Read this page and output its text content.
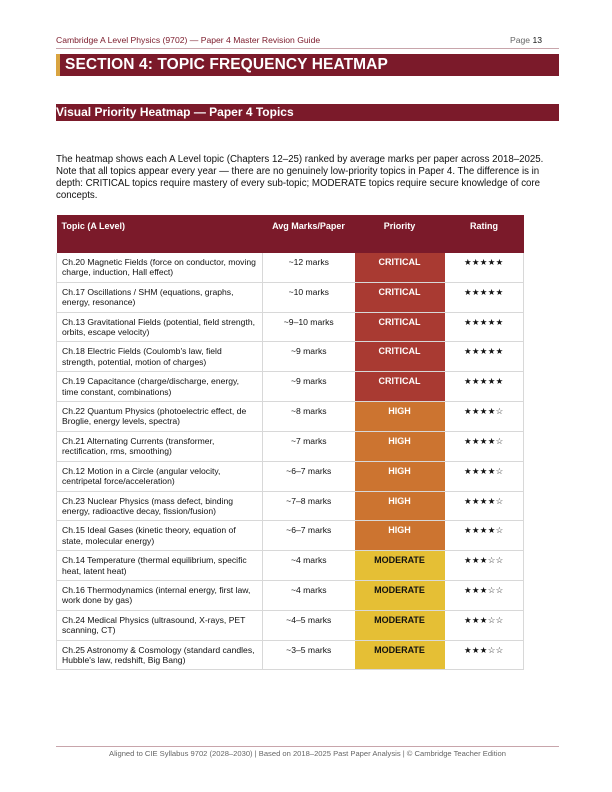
Cambridge A Level Physics (9702) — Paper 4 Master Revision Guide	Page 13
SECTION 4: TOPIC FREQUENCY HEATMAP
Visual Priority Heatmap — Paper 4 Topics

The heatmap shows each A Level topic (Chapters 12–25) ranked by average marks per paper across 2018–2025. Note that all topics appear every year — there are no genuinely low-priority topics in Paper 4. The difference is in depth: CRITICAL topics require mastery of every sub-topic; MODERATE topics require secure knowledge of core concepts.

Topic (A Level)	Avg Marks/Paper	Priority	Rating
Ch.20 Magnetic Fields (force on conductor, moving charge, induction, Hall effect)	~12 marks	CRITICAL	★★★★★
Ch.17 Oscillations / SHM (equations, graphs, energy, resonance)	~10 marks	CRITICAL	★★★★★
Ch.13 Gravitational Fields (potential, field strength, orbits, escape velocity)	~9–10 marks	CRITICAL	★★★★★
Ch.18 Electric Fields (Coulomb's law, field strength, potential, motion of charges)	~9 marks	CRITICAL	★★★★★
Ch.19 Capacitance (charge/discharge, energy, time constant, combinations)	~9 marks	CRITICAL	★★★★★
Ch.22 Quantum Physics (photoelectric effect, de Broglie, energy levels, spectra)	~8 marks	HIGH	★★★★☆
Ch.21 Alternating Currents (transformer, rectification, rms, smoothing)	~7 marks	HIGH	★★★★☆
Ch.12 Motion in a Circle (angular velocity, centripetal force/acceleration)	~6–7 marks	HIGH	★★★★☆
Ch.23 Nuclear Physics (mass defect, binding energy, radioactive decay, fission/fusion)	~7–8 marks	HIGH	★★★★☆
Ch.15 Ideal Gases (kinetic theory, equation of state, molecular energy)	~6–7 marks	HIGH	★★★★☆
Ch.14 Temperature (thermal equilibrium, specific heat, latent heat)	~4 marks	MODERATE	★★★☆☆
Ch.16 Thermodynamics (internal energy, first law, work done by gas)	~4 marks	MODERATE	★★★☆☆
Ch.24 Medical Physics (ultrasound, X-rays, PET scanning, CT)	~4–5 marks	MODERATE	★★★☆☆
Ch.25 Astronomy & Cosmology (standard candles, Hubble's law, redshift, Big Bang)	~3–5 marks	MODERATE	★★★☆☆
Aligned to CIE Syllabus 9702 (2028–2030) | Based on 2018–2025 Past Paper Analysis | © Cambridge Teacher Edition
